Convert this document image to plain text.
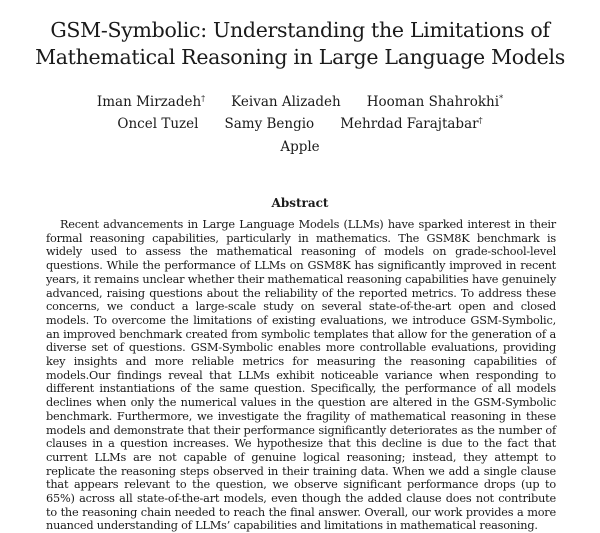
GSM-Symbolic: Understanding the Limitations of
Mathematical Reasoning in Large Language Models
Iman Mirzadeh† Keivan Alizadeh Hooman Shahrokhi*
Oncel Tuzel Samy Bengio Mehrdad Farajtabar†
Apple
Abstract
Recent advancements in Large Language Models (LLMs) have sparked interest in their formal reasoning capabilities, particularly in mathematics. The GSM8K benchmark is widely used to assess the mathematical reasoning of models on grade-school-level questions. While the performance of LLMs on GSM8K has significantly improved in recent years, it remains unclear whether their mathematical reasoning capabilities have genuinely advanced, raising questions about the reliability of the reported metrics. To address these concerns, we conduct a large-scale study on several state-of-the-art open and closed models. To overcome the limitations of existing evaluations, we introduce GSM-Symbolic, an improved benchmark created from symbolic templates that allow for the generation of a diverse set of questions. GSM-Symbolic enables more controllable evaluations, providing key insights and more reliable metrics for measuring the reasoning capabilities of models.Our findings reveal that LLMs exhibit noticeable variance when responding to different instantiations of the same question. Specifically, the performance of all models declines when only the numerical values in the question are altered in the GSM-Symbolic benchmark. Furthermore, we investigate the fragility of mathematical reasoning in these models and demonstrate that their performance significantly deteriorates as the number of clauses in a question increases. We hypothesize that this decline is due to the fact that current LLMs are not capable of genuine logical reasoning; instead, they attempt to replicate the reasoning steps observed in their training data. When we add a single clause that appears relevant to the question, we observe significant performance drops (up to 65%) across all state-of-the-art models, even though the added clause does not contribute to the reasoning chain needed to reach the final answer. Overall, our work provides a more nuanced understanding of LLMs’ capabilities and limitations in mathematical reasoning.
